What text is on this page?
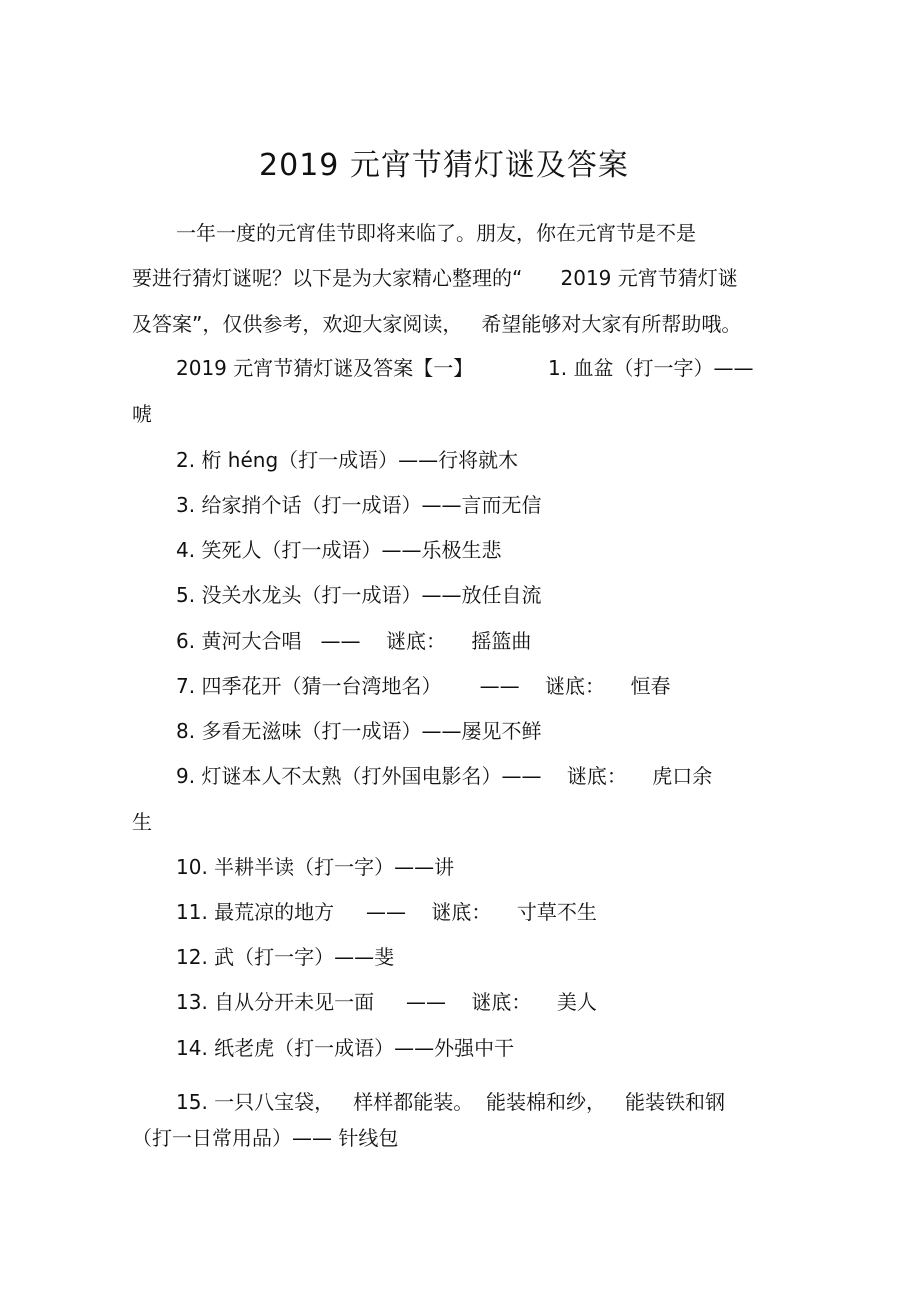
2019 元宵节猜灯谜及答案
一年一度的元宵佳节即将来临了。朋友，你在元宵节是不是
要进行猜灯谜呢？以下是为大家精心整理的“      2019 元宵节猜灯谜
及答案”，仅供参考，欢迎大家阅读，   希望能够对大家有所帮助哦。
2019 元宵节猜灯谜及答案【一】	1. 血盆（打一字）——
唬
2. 桁 héng（打一成语）——行将就木
3. 给家捎个话（打一成语）——言而无信
4. 笑死人（打一成语）——乐极生悲
5. 没关水龙头（打一成语）——放任自流
6. 黄河大合唱   ——    谜底：    摇篮曲
7. 四季花开（猜一台湾地名）      ——    谜底：    恒春
8. 多看无滋味（打一成语）——屡见不鲜
9. 灯谜本人不太熟（打外国电影名）——    谜底：    虎口余
生
10. 半耕半读（打一字）——讲
11. 最荒凉的地方     ——    谜底：    寸草不生
12. 武（打一字）——斐
13. 自从分开未见一面     ——    谜底：    美人
14. 纸老虎（打一成语）——外强中干
15. 一只八宝袋，   样样都能装。  能装棉和纱，   能装铁和钢
（打一日常用品）—— 针线包
